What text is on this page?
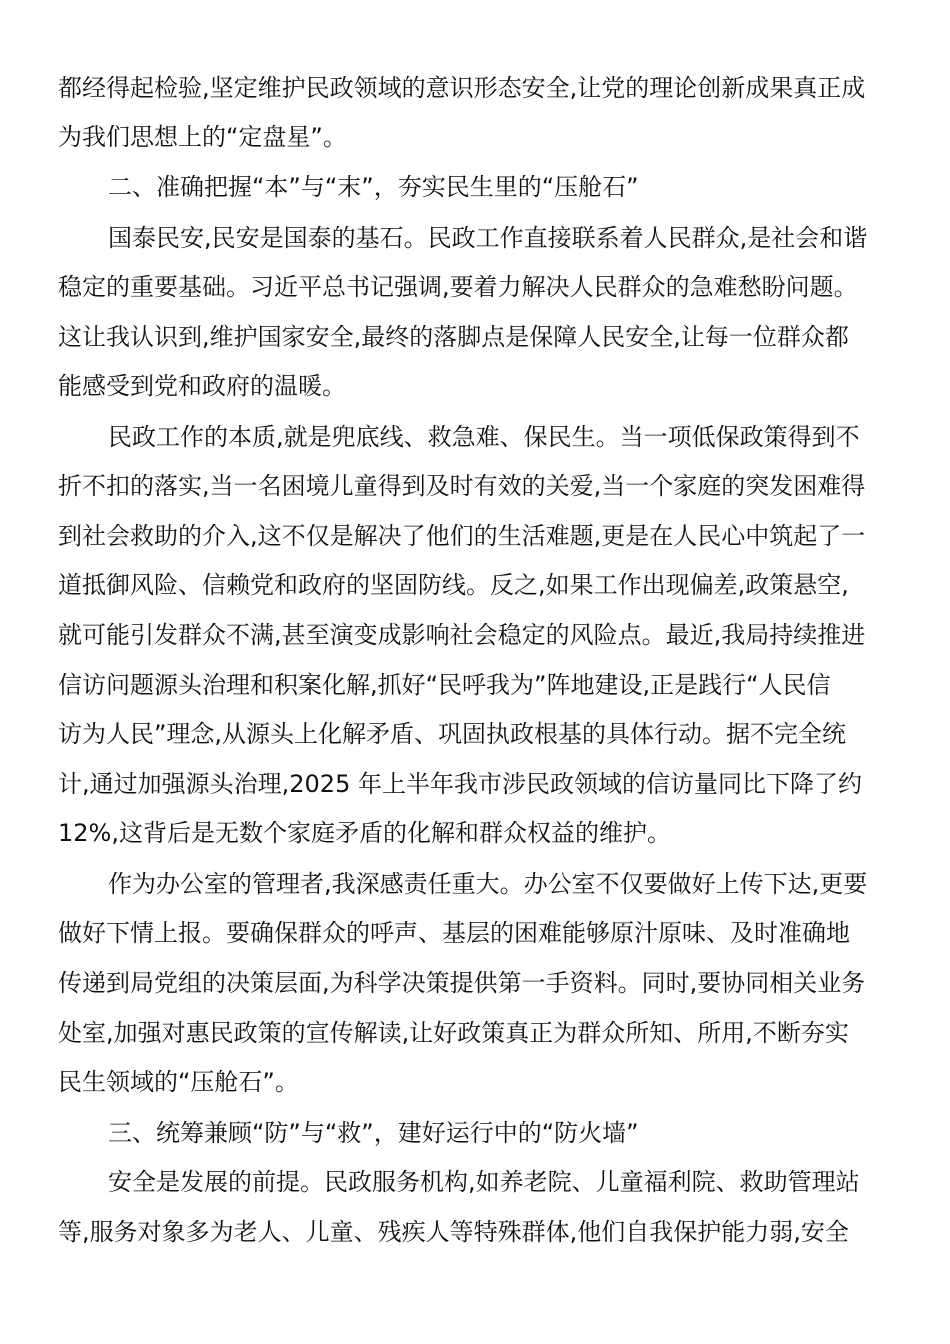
都经得起检验,坚定维护民政领域的意识形态安全,让党的理论创新成果真正成
为我们思想上的“定盘星”。
二、准确把握“本”与“末”，夯实民生里的“压舱石”
国泰民安,民安是国泰的基石。民政工作直接联系着人民群众,是社会和谐
稳定的重要基础。习近平总书记强调,要着力解决人民群众的急难愁盼问题。
这让我认识到,维护国家安全,最终的落脚点是保障人民安全,让每一位群众都
能感受到党和政府的温暖。
民政工作的本质,就是兜底线、救急难、保民生。当一项低保政策得到不
折不扣的落实,当一名困境儿童得到及时有效的关爱,当一个家庭的突发困难得
到社会救助的介入,这不仅是解决了他们的生活难题,更是在人民心中筑起了一
道抵御风险、信赖党和政府的坚固防线。反之,如果工作出现偏差,政策悬空,
就可能引发群众不满,甚至演变成影响社会稳定的风险点。最近,我局持续推进
信访问题源头治理和积案化解,抓好“民呼我为”阵地建设,正是践行“人民信
访为人民”理念,从源头上化解矛盾、巩固执政根基的具体行动。据不完全统
计,通过加强源头治理,2025 年上半年我市涉民政领域的信访量同比下降了约
12%,这背后是无数个家庭矛盾的化解和群众权益的维护。
作为办公室的管理者,我深感责任重大。办公室不仅要做好上传下达,更要
做好下情上报。要确保群众的呼声、基层的困难能够原汁原味、及时准确地
传递到局党组的决策层面,为科学决策提供第一手资料。同时,要协同相关业务
处室,加强对惠民政策的宣传解读,让好政策真正为群众所知、所用,不断夯实
民生领域的“压舱石”。
三、统筹兼顾“防”与“救”，建好运行中的“防火墙”
安全是发展的前提。民政服务机构,如养老院、儿童福利院、救助管理站
等,服务对象多为老人、儿童、残疾人等特殊群体,他们自我保护能力弱,安全
